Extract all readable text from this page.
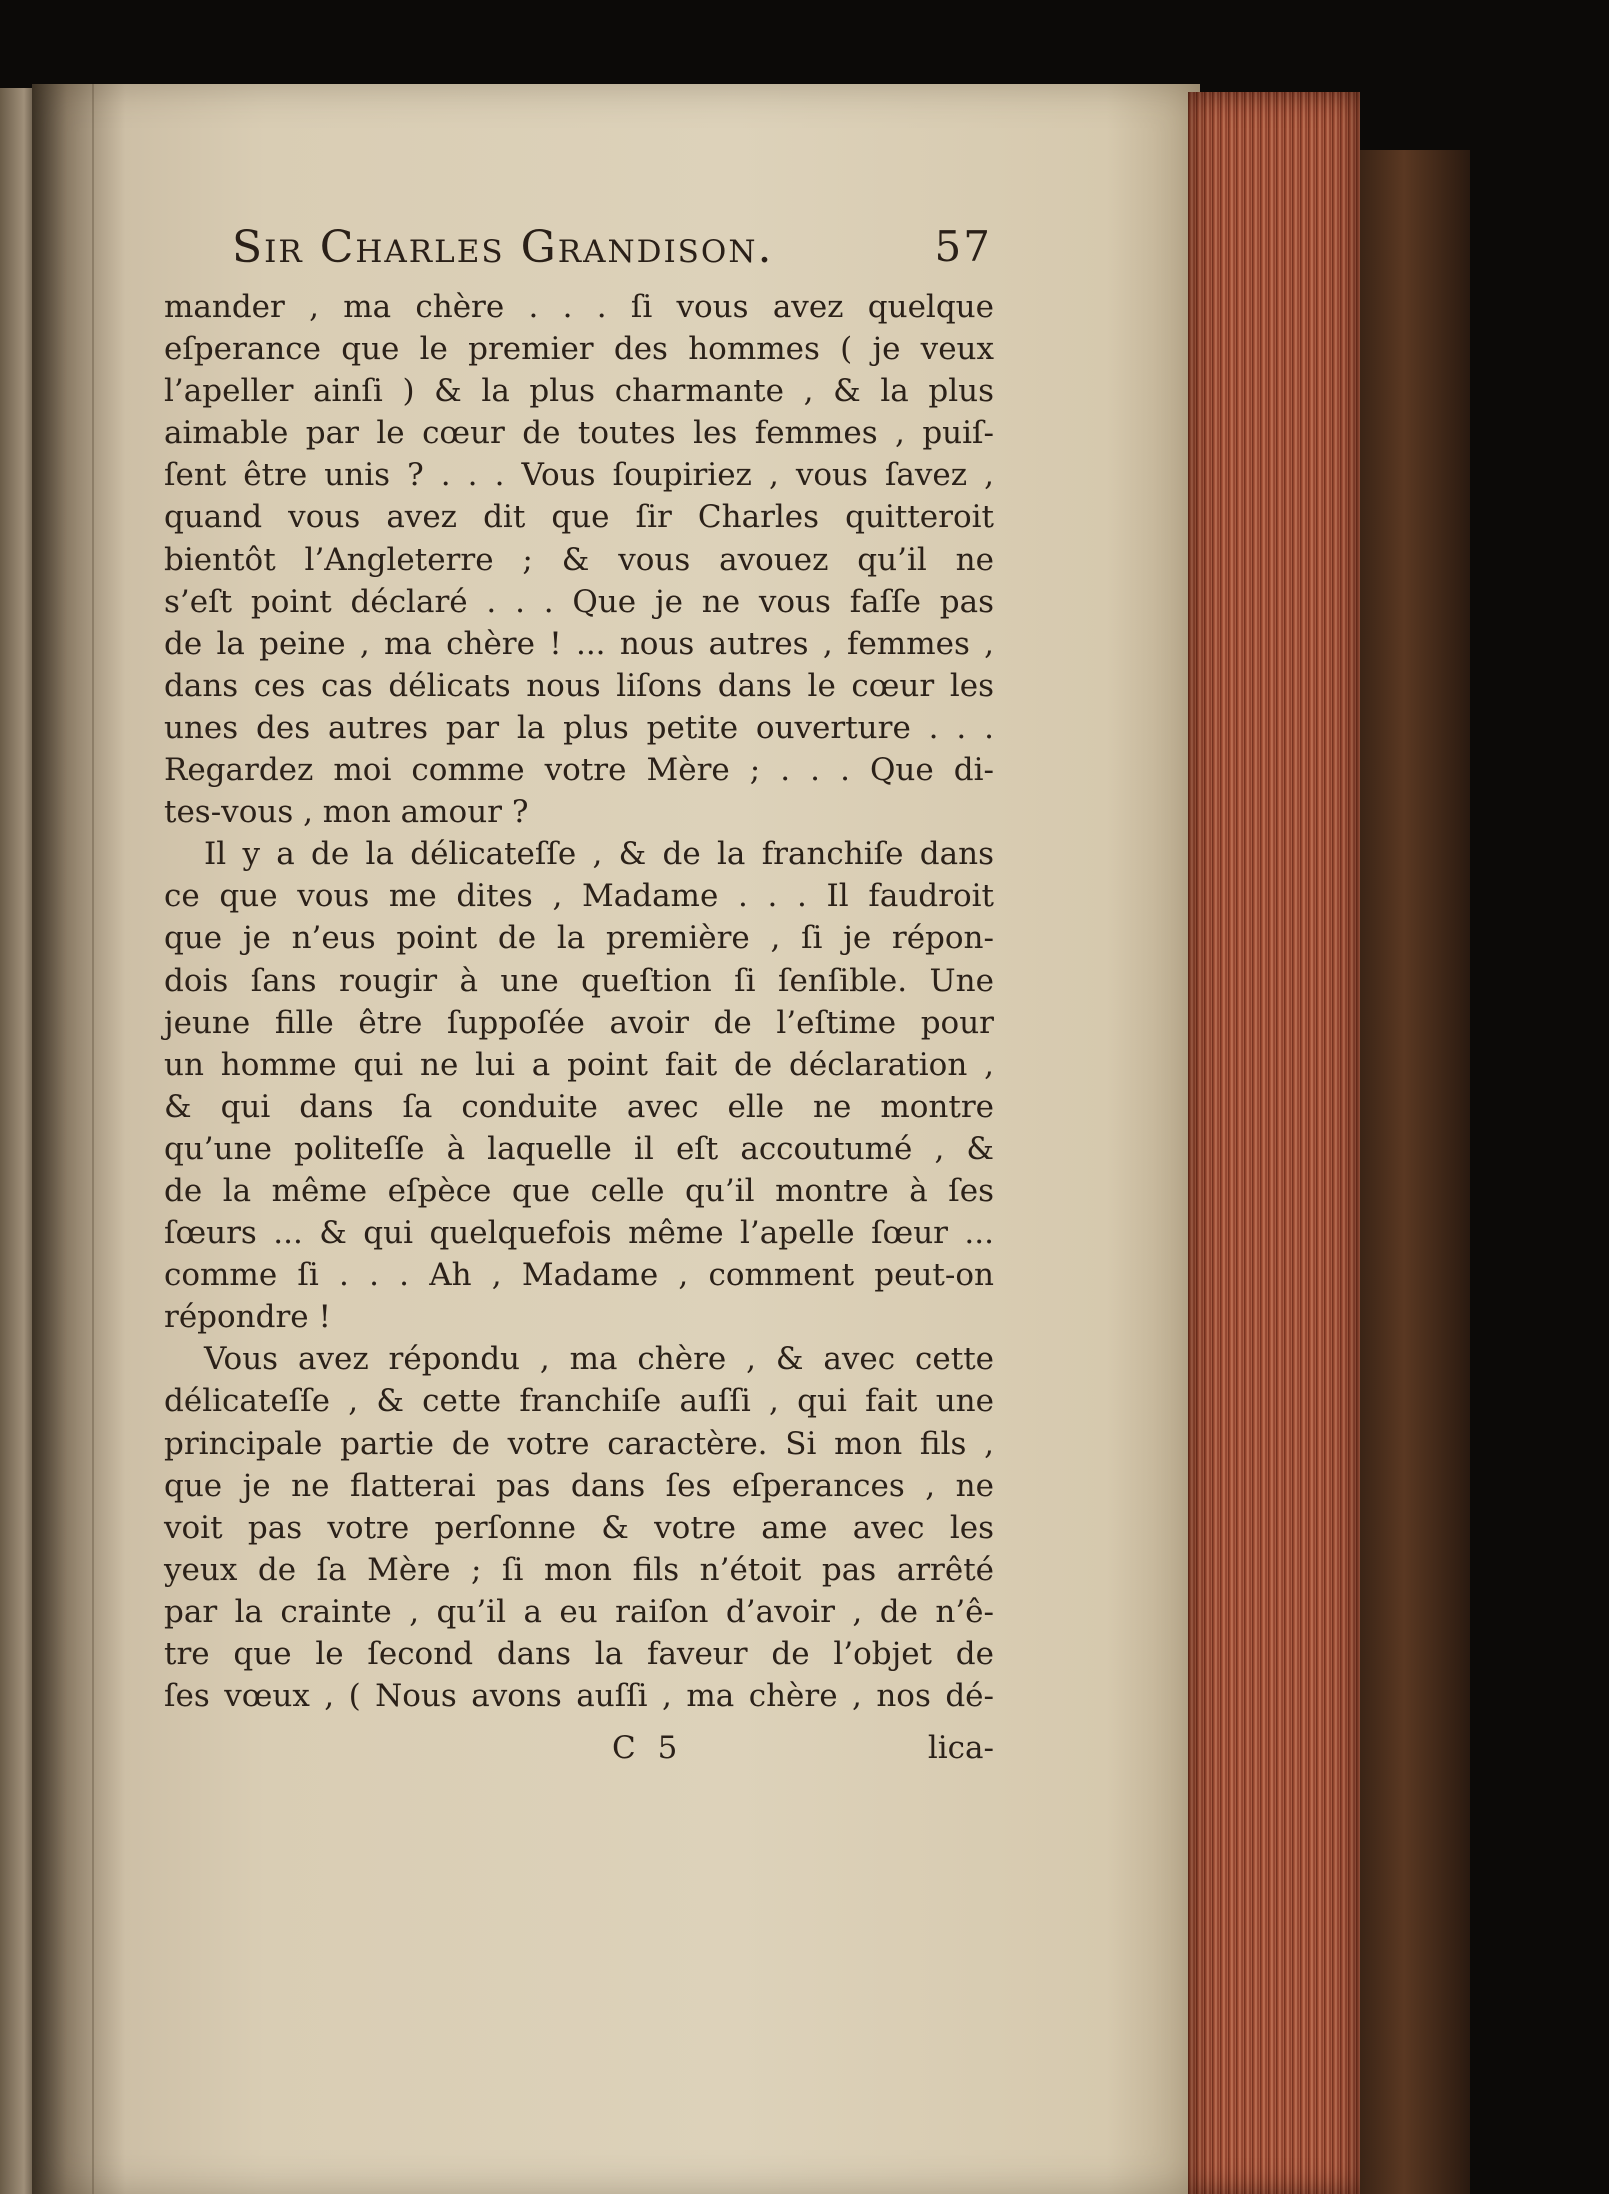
Sir Charles Grandison.	57
mander , ma chère . . . ſi vous avez quelque
eſperance que le premier des hommes ( je veux
l’apeller ainſi ) & la plus charmante , & la plus
aimable par le cœur de toutes les femmes , puiſ-
ſent être unis ? . . . Vous ſoupiriez , vous ſavez ,
quand vous avez dit que ſir Charles quitteroit
bientôt l’Angleterre ; & vous avouez qu’il ne
s’eſt point déclaré . . . Que je ne vous faſſe pas
de la peine , ma chère ! ... nous autres , femmes ,
dans ces cas délicats nous liſons dans le cœur les
unes des autres par la plus petite ouverture . . .
Regardez moi comme votre Mère ; . . . Que di-
tes-vous , mon amour ?
Il y a de la délicateſſe , & de la franchiſe dans
ce que vous me dites , Madame . . . Il faudroit
que je n’eus point de la première , ſi je répon-
dois ſans rougir à une queſtion ſi ſenſible. Une
jeune fille être ſuppoſée avoir de l’eſtime pour
un homme qui ne lui a point fait de déclaration ,
& qui dans ſa conduite avec elle ne montre
qu’une politeſſe à laquelle il eſt accoutumé , &
de la même eſpèce que celle qu’il montre à ſes
ſœurs ... & qui quelquefois même l’apelle ſœur ...
comme ſi . . . Ah , Madame , comment peut-on
répondre !
Vous avez répondu , ma chère , & avec cette
délicateſſe , & cette franchiſe auſſi , qui fait une
principale partie de votre caractère. Si mon fils ,
que je ne flatterai pas dans ſes eſperances , ne
voit pas votre perſonne & votre ame avec les
yeux de ſa Mère ; ſi mon fils n’étoit pas arrêté
par la crainte , qu’il a eu raiſon d’avoir , de n’ê-
tre que le ſecond dans la faveur de l’objet de
ſes vœux , ( Nous avons auſſi , ma chère , nos dé-
C 5	lica-
